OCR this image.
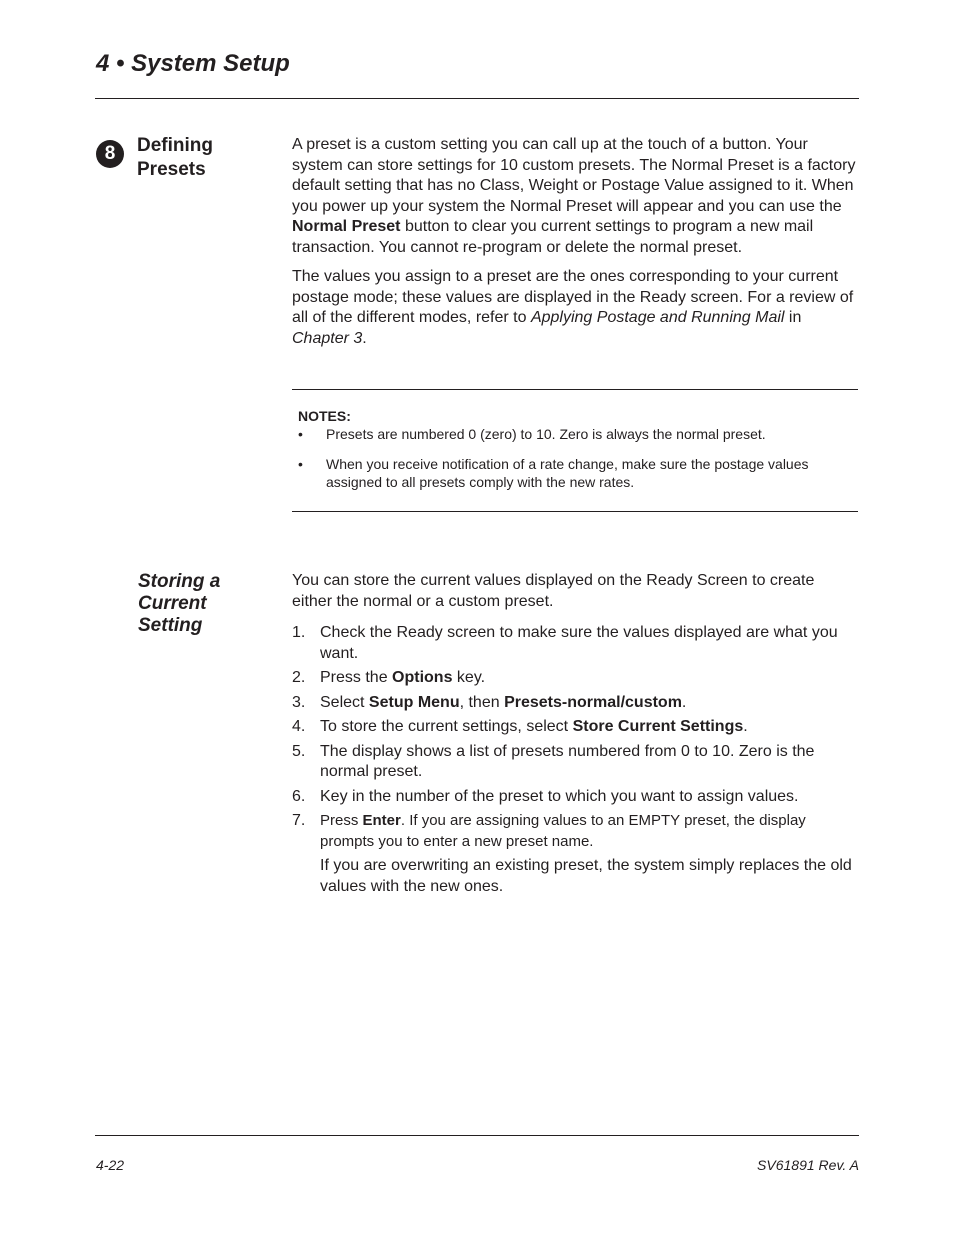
4 • System Setup
8	Defining
Presets

A preset is a custom setting you can call up at the touch of a button. Your system can store settings for 10 custom presets. The Normal Preset is a factory default setting that has no Class, Weight or Postage Value assigned to it. When you power up your system the Normal Preset will appear and you can use the Normal Preset button to clear you current settings to program a new mail transaction. You cannot re-program or delete the normal preset.

The values you assign to a preset are the ones corresponding to your current postage mode; these values are displayed in the Ready screen. For a review of all of the different modes, refer to Applying Postage and Running Mail in Chapter 3.

NOTES:

• Presets are numbered 0 (zero) to 10. Zero is always the normal preset.
• When you receive notification of a rate change, make sure the postage values assigned to all presets comply with the new rates.
Storing a
Current
Setting

You can store the current values displayed on the Ready Screen to create either the normal or a custom preset.

1. Check the Ready screen to make sure the values displayed are what you want.
2. Press the Options key.
3. Select Setup Menu, then Presets-normal/custom.
4. To store the current settings, select Store Current Settings.
5. The display shows a list of presets numbered from 0 to 10. Zero is the normal preset.
6. Key in the number of the preset to which you want to assign values.
7. Press Enter. If you are assigning values to an EMPTY preset, the display prompts you to enter a new preset name.
If you are overwriting an existing preset, the system simply replaces the old values with the new ones.
4-22	SV61891 Rev. A
